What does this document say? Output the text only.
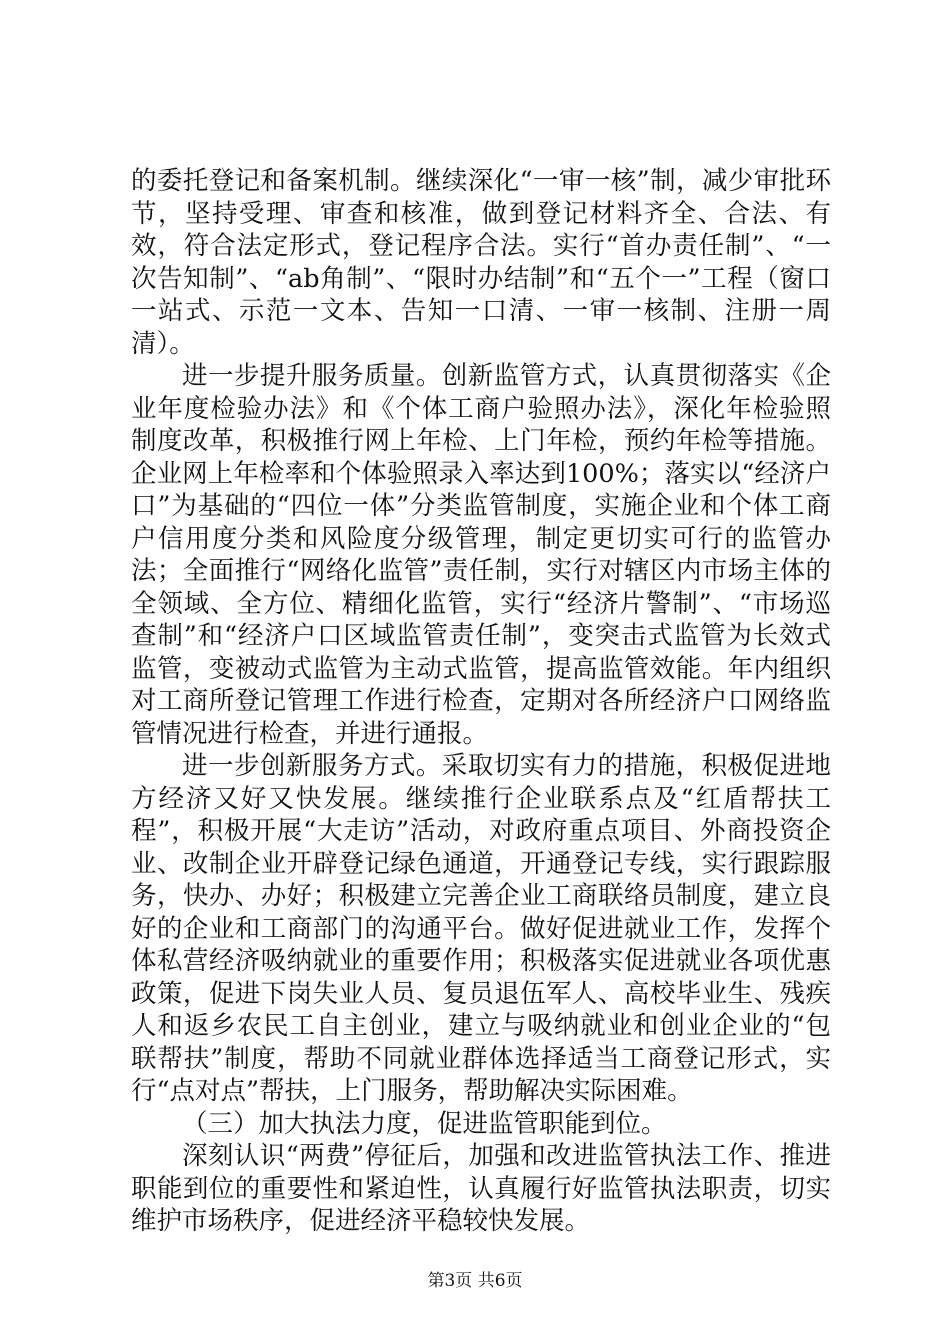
的委托登记和备案机制。继续深化“一审一核”制，减少审批环节，坚持受理、审查和核准，做到登记材料齐全、合法、有效，符合法定形式，登记程序合法。实行“首办责任制”、“一次告知制”、“ab角制”、“限时办结制”和“五个一”工程（窗口一站式、示范一文本、告知一口清、一审一核制、注册一周清）。

进一步提升服务质量。创新监管方式，认真贯彻落实《企业年度检验办法》和《个体工商户验照办法》，深化年检验照制度改革，积极推行网上年检、上门年检，预约年检等措施。企业网上年检率和个体验照录入率达到100%；落实以“经济户口”为基础的“四位一体”分类监管制度，实施企业和个体工商户信用度分类和风险度分级管理，制定更切实可行的监管办法；全面推行“网络化监管”责任制，实行对辖区内市场主体的全领域、全方位、精细化监管，实行“经济片警制”、“市场巡查制”和“经济户口区域监管责任制”，变突击式监管为长效式监管，变被动式监管为主动式监管，提高监管效能。年内组织对工商所登记管理工作进行检查，定期对各所经济户口网络监管情况进行检查，并进行通报。

进一步创新服务方式。采取切实有力的措施，积极促进地方经济又好又快发展。继续推行企业联系点及“红盾帮扶工程”，积极开展“大走访”活动，对政府重点项目、外商投资企业、改制企业开辟登记绿色通道，开通登记专线，实行跟踪服务，快办、办好；积极建立完善企业工商联络员制度，建立良好的企业和工商部门的沟通平台。做好促进就业工作，发挥个体私营经济吸纳就业的重要作用；积极落实促进就业各项优惠政策，促进下岗失业人员、复员退伍军人、高校毕业生、残疾人和返乡农民工自主创业，建立与吸纳就业和创业企业的“包联帮扶”制度，帮助不同就业群体选择适当工商登记形式，实行“点对点”帮扶，上门服务，帮助解决实际困难。

（三）加大执法力度，促进监管职能到位。

深刻认识“两费”停征后，加强和改进监管执法工作、推进职能到位的重要性和紧迫性，认真履行好监管执法职责，切实维护市场秩序，促进经济平稳较快发展。

第3页 共6页
